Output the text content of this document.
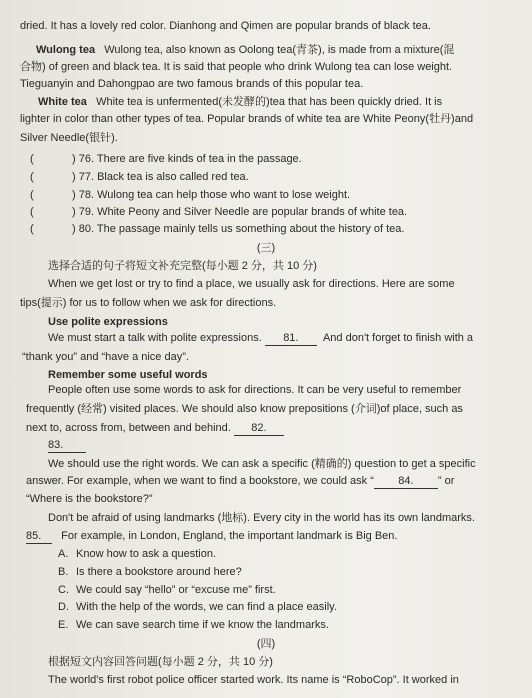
dried. It has a lovely red color. Dianhong and Qimen are popular brands of black tea.
Wulong tea Wulong tea, also known as Oolong tea(青茶), is made from a mixture(混
合物) of green and black tea. It is said that people who drink Wulong tea can lose weight.
Tieguanyin and Dahongpao are two famous brands of this popular tea.
White tea White tea is unfermented(未发酵的)tea that has been quickly dried. It is
lighter in color than other types of tea. Popular brands of white tea are White Peony(牡丹)and
Silver Needle(银针).
(	) 76. There are five kinds of tea in the passage.
(	) 77. Black tea is also called red tea.
(	) 78. Wulong tea can help those who want to lose weight.
(	) 79. White Peony and Silver Needle are popular brands of white tea.
(	) 80. The passage mainly tells us something about the history of tea.
(三)
选择合适的句子将短文补充完整(每小题 2 分，共 10 分)
When we get lost or try to find a place, we usually ask for directions. Here are some
tips(提示) for us to follow when we ask for directions.
Use polite expressions
We must start a talk with polite expressions. 81. And don't forget to finish with a
“thank you” and “have a nice day”.
Remember some useful words
People often use some words to ask for directions. It can be very useful to remember
frequently (经常) visited places. We should also know prepositions (介词)of place, such as
next to, across from, between and behind. 82.
83.
We should use the right words. We can ask a specific (精确的) question to get a specific
answer. For example, when we want to find a bookstore, we could ask “ 84. ” or
“Where is the bookstore?”
Don't be afraid of using landmarks (地标). Every city in the world has its own landmarks.
85. For example, in London, England, the important landmark is Big Ben.
A. Know how to ask a question.
B. Is there a bookstore around here?
C. We could say “hello” or “excuse me” first.
D. With the help of the words, we can find a place easily.
E. We can save search time if we know the landmarks.
(四)
根据短文内容回答问题(每小题 2 分，共 10 分)
The world's first robot police officer started work. Its name is “RoboCop”. It worked in
